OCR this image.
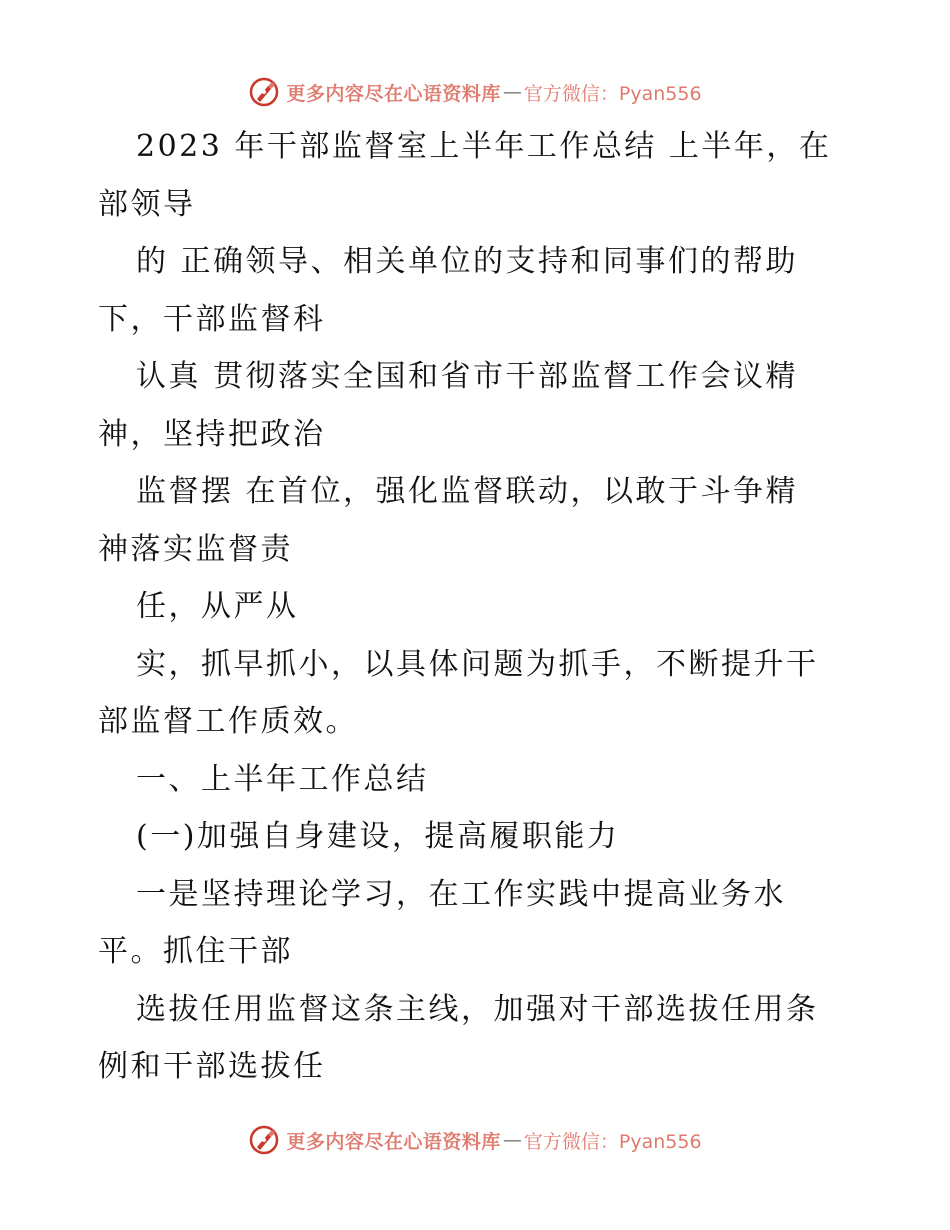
更多内容尽在心语资料库 — 官方微信：Pyan556
2023 年干部监督室上半年工作总结 上半年，在
部领导
的 正确领导、相关单位的支持和同事们的帮助
下，干部监督科
认真 贯彻落实全国和省市干部监督工作会议精
神，坚持把政治
监督摆 在首位，强化监督联动，以敢于斗争精
神落实监督责
任，从严从
实，抓早抓小，以具体问题为抓手，不断提升干
部监督工作质效。
一、上半年工作总结
(一)加强自身建设，提高履职能力
一是坚持理论学习，在工作实践中提高业务水
平。抓住干部
选拔任用监督这条主线，加强对干部选拔任用条
例和干部选拔任
更多内容尽在心语资料库 — 官方微信：Pyan556
